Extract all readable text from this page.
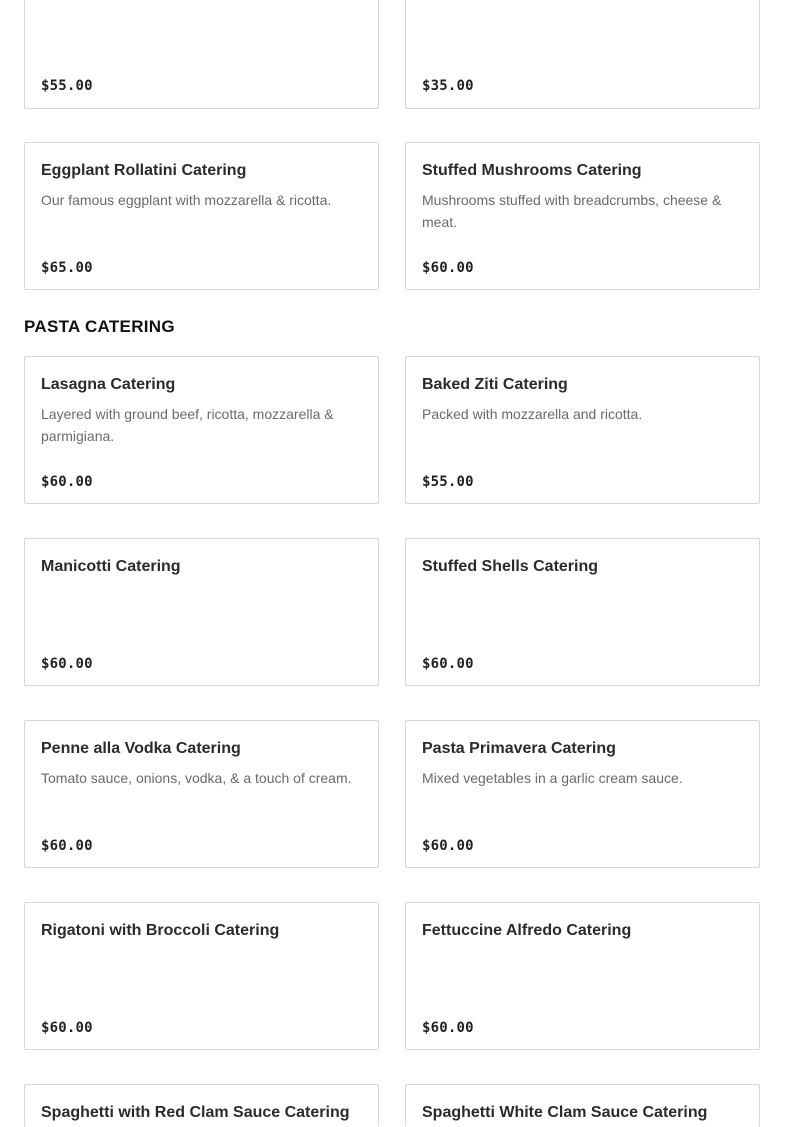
$55.00	$35.00
Eggplant Rollatini Catering
Our famous eggplant with mozzarella & ricotta.
$65.00
Stuffed Mushrooms Catering
Mushrooms stuffed with breadcrumbs, cheese & meat.
$60.00
PASTA CATERING
Lasagna Catering
Layered with ground beef, ricotta, mozzarella & parmigiana.
$60.00
Baked Ziti Catering
Packed with mozzarella and ricotta.
$55.00
Manicotti Catering
$60.00
Stuffed Shells Catering
$60.00
Penne alla Vodka Catering
Tomato sauce, onions, vodka, & a touch of cream.
$60.00
Pasta Primavera Catering
Mixed vegetables in a garlic cream sauce.
$60.00
Rigatoni with Broccoli Catering
$60.00
Fettuccine Alfredo Catering
$60.00
Spaghetti with Red Clam Sauce Catering	Spaghetti White Clam Sauce Catering
